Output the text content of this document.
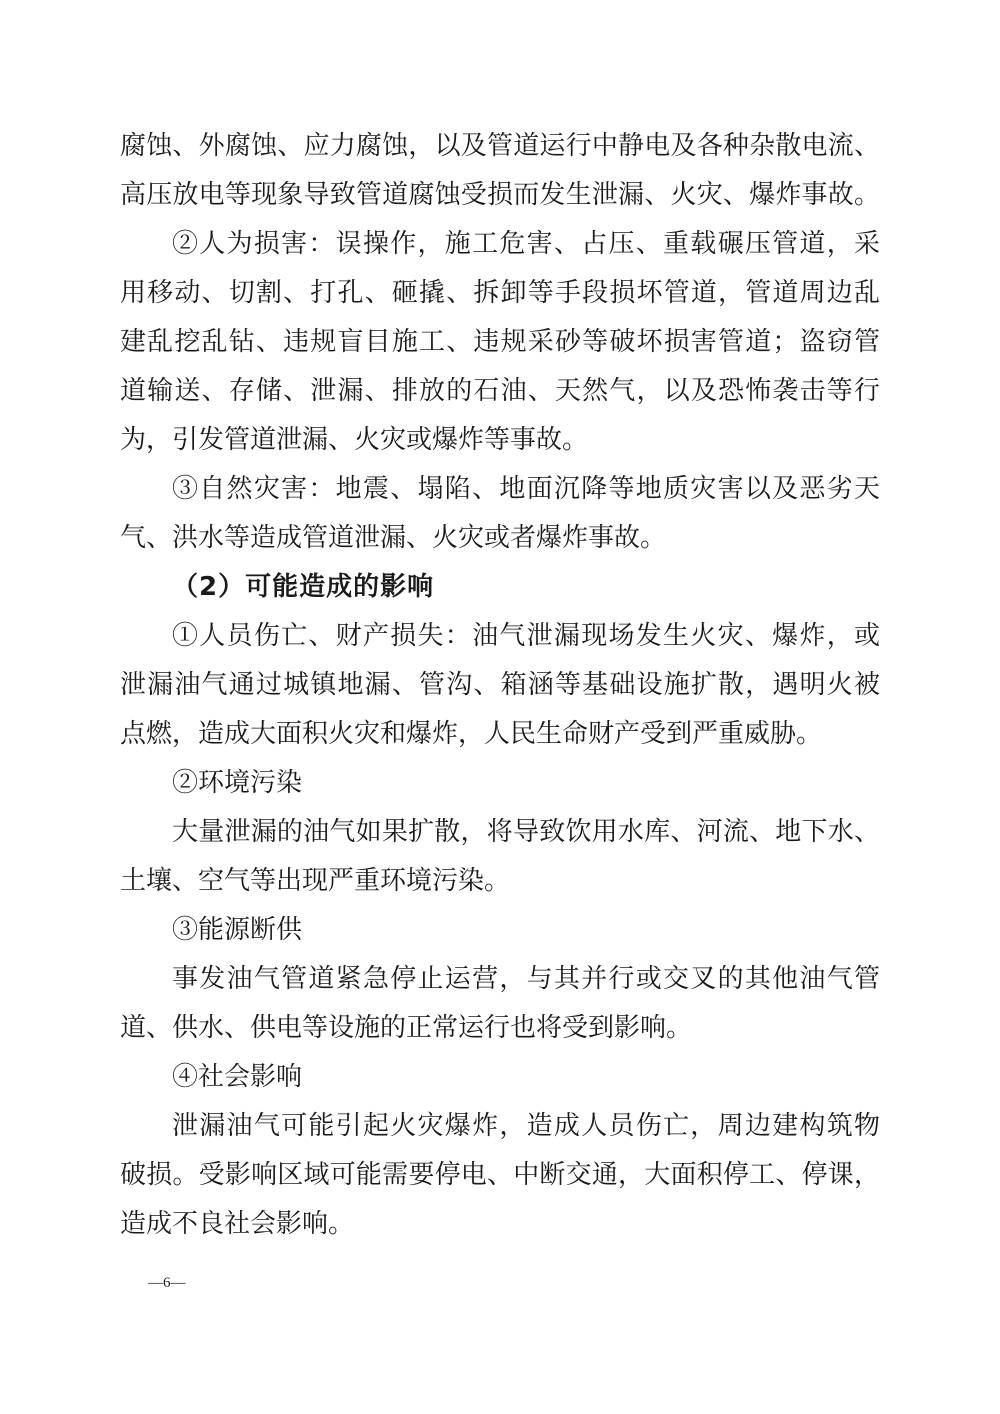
腐蚀、外腐蚀、应力腐蚀，以及管道运行中静电及各种杂散电流、
高压放电等现象导致管道腐蚀受损而发生泄漏、火灾、爆炸事故。
②人为损害：误操作，施工危害、占压、重载碾压管道，采
用移动、切割、打孔、砸撬、拆卸等手段损坏管道，管道周边乱
建乱挖乱钻、违规盲目施工、违规采砂等破坏损害管道；盗窃管
道输送、存储、泄漏、排放的石油、天然气，以及恐怖袭击等行
为，引发管道泄漏、火灾或爆炸等事故。
③自然灾害：地震、塌陷、地面沉降等地质灾害以及恶劣天
气、洪水等造成管道泄漏、火灾或者爆炸事故。
（2）可能造成的影响
①人员伤亡、财产损失：油气泄漏现场发生火灾、爆炸，或
泄漏油气通过城镇地漏、管沟、箱涵等基础设施扩散，遇明火被
点燃，造成大面积火灾和爆炸，人民生命财产受到严重威胁。
②环境污染
大量泄漏的油气如果扩散，将导致饮用水库、河流、地下水、
土壤、空气等出现严重环境污染。
③能源断供
事发油气管道紧急停止运营，与其并行或交叉的其他油气管
道、供水、供电等设施的正常运行也将受到影响。
④社会影响
泄漏油气可能引起火灾爆炸，造成人员伤亡，周边建构筑物
破损。受影响区域可能需要停电、中断交通，大面积停工、停课，
造成不良社会影响。
—6—
